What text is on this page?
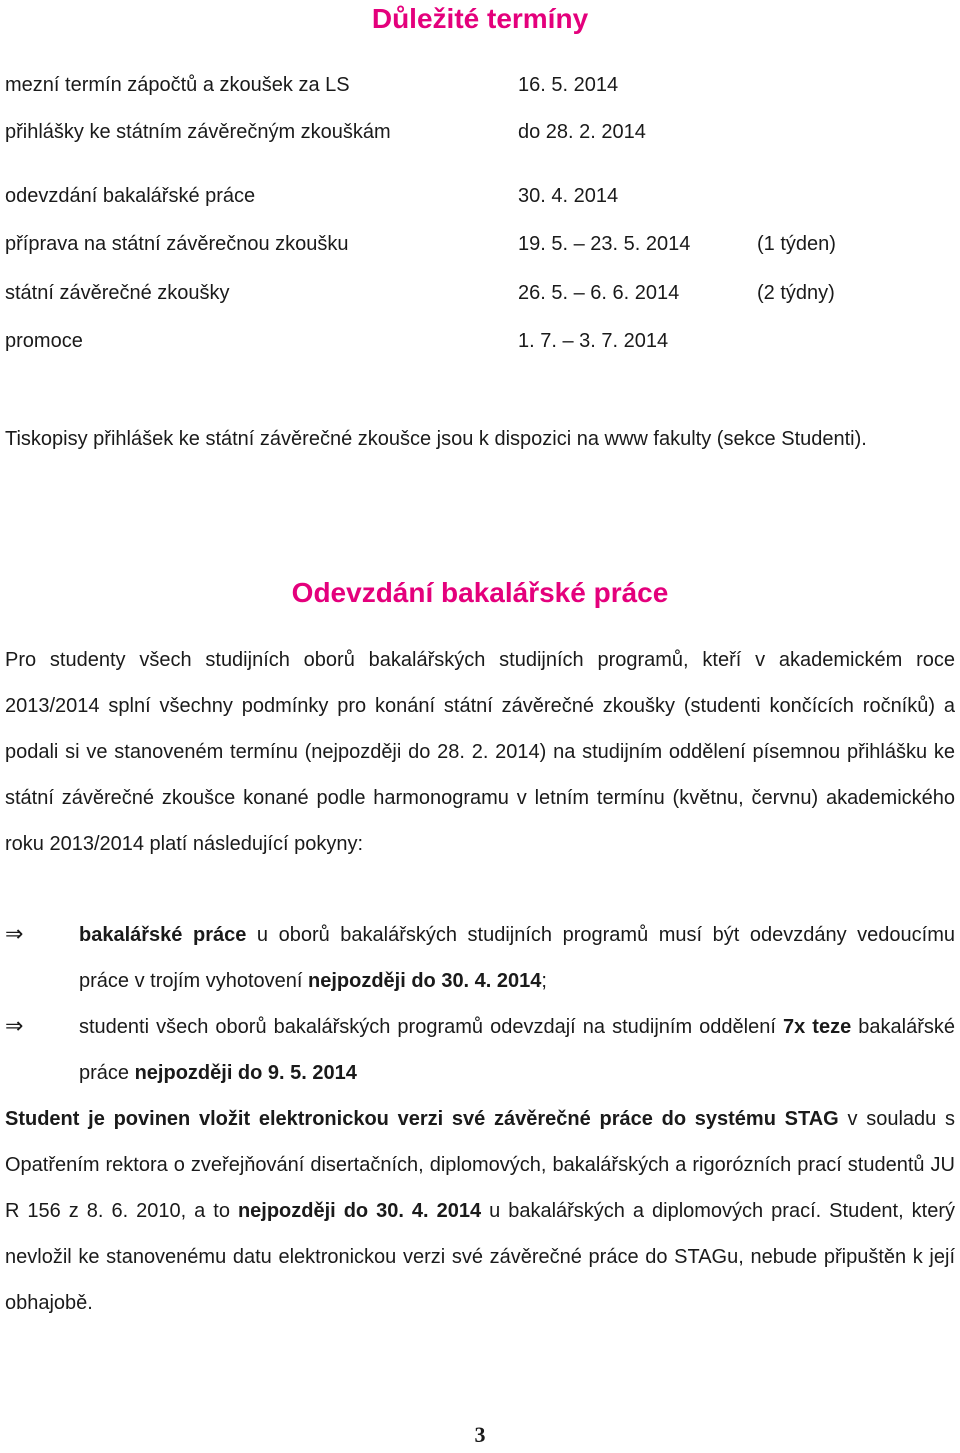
Důležité termíny
mezní termín zápočtů a zkoušek za LS	16. 5. 2014
přihlášky ke státním závěrečným zkouškám	do 28. 2. 2014
odevzdání bakalářské práce	30. 4. 2014
příprava na státní závěrečnou zkoušku	19. 5. – 23. 5. 2014	(1 týden)
státní závěrečné zkoušky	26. 5. – 6. 6. 2014	(2 týdny)
promoce	1. 7. – 3. 7. 2014
Tiskopisy přihlášek ke státní závěrečné zkoušce jsou k dispozici na www fakulty (sekce Studenti).
Odevzdání bakalářské práce
Pro studenty všech studijních oborů bakalářských studijních programů, kteří v akademickém roce 2013/2014 splní všechny podmínky pro konání státní závěrečné zkoušky (studenti končících ročníků) a podali si ve stanoveném termínu (nejpozději do 28. 2. 2014) na studijním oddělení písemnou přihlášku ke státní závěrečné zkoušce konané podle harmonogramu v letním termínu (květnu, červnu) akademického roku 2013/2014 platí následující pokyny:
⇒	bakalářské práce u oborů bakalářských studijních programů musí být odevzdány vedoucímu práce v trojím vyhotovení nejpozději do 30. 4. 2014;
⇒	studenti všech oborů bakalářských programů odevzdají na studijním oddělení 7x teze bakalářské práce nejpozději do 9. 5. 2014
Student je povinen vložit elektronickou verzi své závěrečné práce do systému STAG v souladu s Opatřením rektora o zveřejňování disertačních, diplomových, bakalářských a rigorózních prací studentů JU R 156 z 8. 6. 2010, a to nejpozději do 30. 4. 2014 u bakalářských a diplomových prací. Student, který nevložil ke stanovenému datu elektronickou verzi své závěrečné práce do STAGu, nebude připuštěn k její obhajobě.
3
